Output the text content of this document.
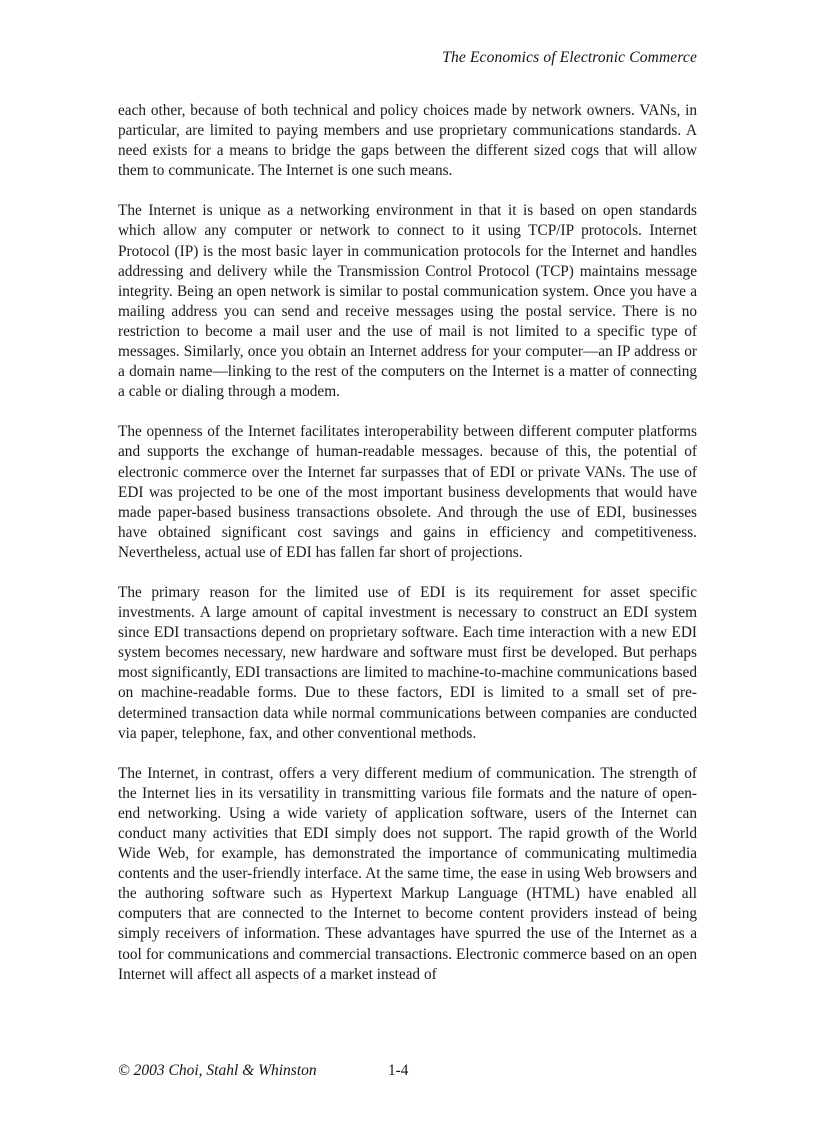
The Economics of Electronic Commerce

each other, because of both technical and policy choices made by network owners. VANs, in particular, are limited to paying members and use proprietary communications standards. A need exists for a means to bridge the gaps between the different sized cogs that will allow them to communicate. The Internet is one such means.

The Internet is unique as a networking environment in that it is based on open standards which allow any computer or network to connect to it using TCP/IP protocols. Internet Protocol (IP) is the most basic layer in communication protocols for the Internet and handles addressing and delivery while the Transmission Control Protocol (TCP) maintains message integrity. Being an open network is similar to postal communication system. Once you have a mailing address you can send and receive messages using the postal service. There is no restriction to become a mail user and the use of mail is not limited to a specific type of messages. Similarly, once you obtain an Internet address for your computer—an IP address or a domain name—linking to the rest of the computers on the Internet is a matter of connecting a cable or dialing through a modem.

The openness of the Internet facilitates interoperability between different computer platforms and supports the exchange of human-readable messages. because of this, the potential of electronic commerce over the Internet far surpasses that of EDI or private VANs. The use of EDI was projected to be one of the most important business developments that would have made paper-based business transactions obsolete. And through the use of EDI, businesses have obtained significant cost savings and gains in efficiency and competitiveness. Nevertheless, actual use of EDI has fallen far short of projections.

The primary reason for the limited use of EDI is its requirement for asset specific investments. A large amount of capital investment is necessary to construct an EDI system since EDI transactions depend on proprietary software. Each time interaction with a new EDI system becomes necessary, new hardware and software must first be developed. But perhaps most significantly, EDI transactions are limited to machine-to-machine communications based on machine-readable forms. Due to these factors, EDI is limited to a small set of pre-determined transaction data while normal communications between companies are conducted via paper, telephone, fax, and other conventional methods.

The Internet, in contrast, offers a very different medium of communication. The strength of the Internet lies in its versatility in transmitting various file formats and the nature of open-end networking. Using a wide variety of application software, users of the Internet can conduct many activities that EDI simply does not support. The rapid growth of the World Wide Web, for example, has demonstrated the importance of communicating multimedia contents and the user-friendly interface. At the same time, the ease in using Web browsers and the authoring software such as Hypertext Markup Language (HTML) have enabled all computers that are connected to the Internet to become content providers instead of being simply receivers of information. These advantages have spurred the use of the Internet as a tool for communications and commercial transactions. Electronic commerce based on an open Internet will affect all aspects of a market instead of

© 2003 Choi, Stahl & Whinston	1-4
